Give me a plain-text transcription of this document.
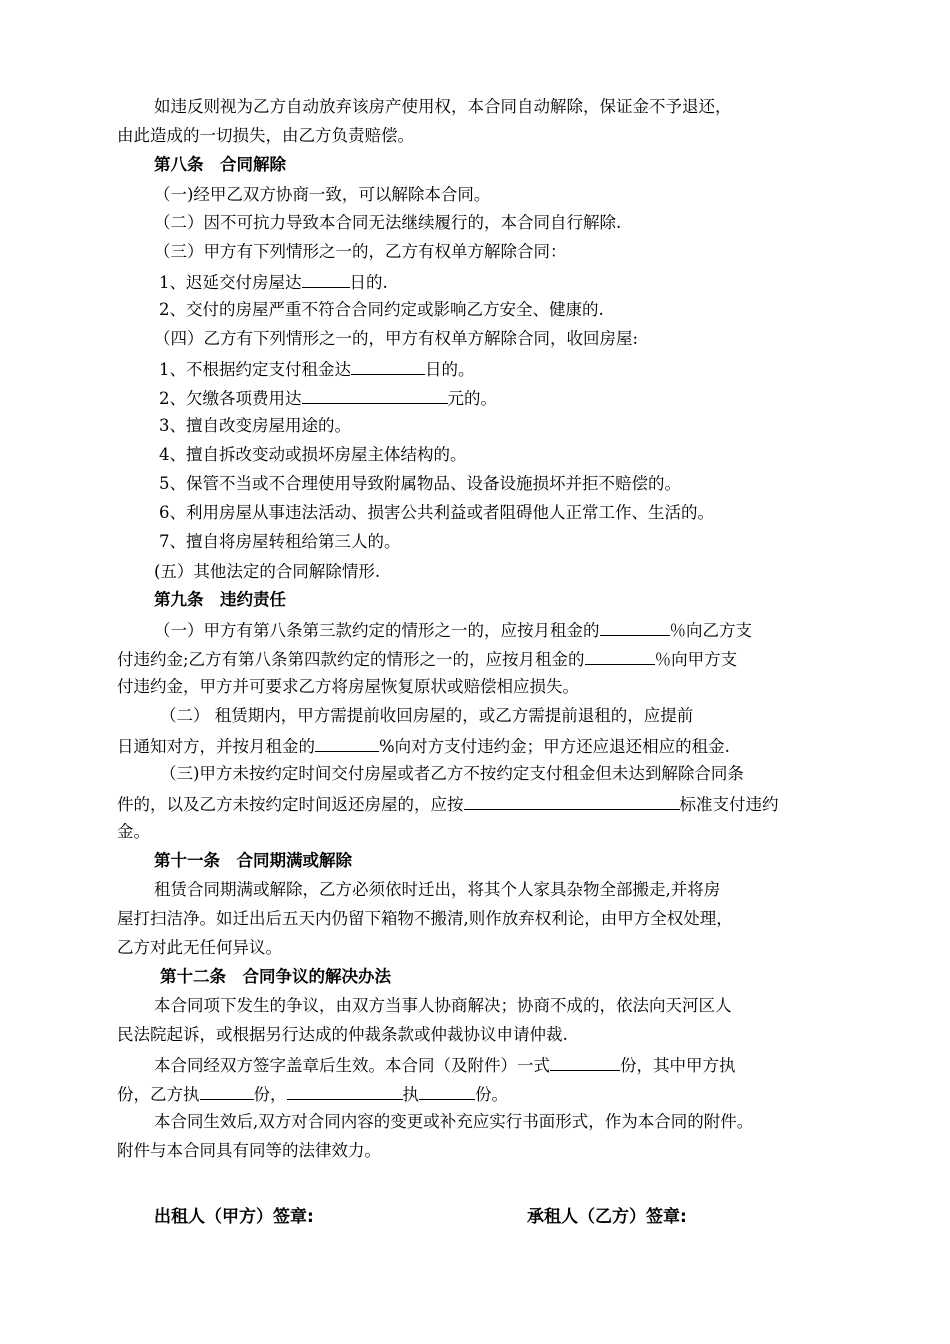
如违反则视为乙方自动放弃该房产使用权，本合同自动解除，保证金不予退还，
由此造成的一切损失，由乙方负责赔偿。
第八条　合同解除
（一)经甲乙双方协商一致，可以解除本合同。
（二）因不可抗力导致本合同无法继续履行的，本合同自行解除.
（三）甲方有下列情形之一的，乙方有权单方解除合同：
1、迟延交付房屋达	日的.
2、交付的房屋严重不符合合同约定或影响乙方安全、健康的.
（四）乙方有下列情形之一的，甲方有权单方解除合同，收回房屋:
1、不根据约定支付租金达	日的。
2、欠缴各项费用达	元的。
3、擅自改变房屋用途的。
4、擅自拆改变动或损坏房屋主体结构的。
5、保管不当或不合理使用导致附属物品、设备设施损坏并拒不赔偿的。
6、利用房屋从事违法活动、损害公共利益或者阻碍他人正常工作、生活的。
7、擅自将房屋转租给第三人的。
(五）其他法定的合同解除情形.
第九条　违约责任
（一）甲方有第八条第三款约定的情形之一的，应按月租金的	％向乙方支
付违约金;乙方有第八条第四款约定的情形之一的，应按月租金的	％向甲方支
付违约金，甲方并可要求乙方将房屋恢复原状或赔偿相应损失。
（二） 租赁期内，甲方需提前收回房屋的，或乙方需提前退租的，应提前
日通知对方，并按月租金的	%向对方支付违约金；甲方还应退还相应的租金.
（三)甲方未按约定时间交付房屋或者乙方不按约定支付租金但未达到解除合同条
件的，以及乙方未按约定时间返还房屋的，应按	标准支付违约
金。
第十一条　合同期满或解除
租赁合同期满或解除，乙方必须依时迁出，将其个人家具杂物全部搬走,并将房
屋打扫洁净。如迁出后五天内仍留下箱物不搬清,则作放弃权利论，由甲方全权处理，
乙方对此无任何异议。
第十二条　合同争议的解决办法
本合同项下发生的争议，由双方当事人协商解决；协商不成的，依法向天河区人
民法院起诉，或根据另行达成的仲裁条款或仲裁协议申请仲裁.
本合同经双方签字盖章后生效。本合同（及附件）一式	份，其中甲方执
份，乙方执	份，	执	份。
本合同生效后,双方对合同内容的变更或补充应实行书面形式，作为本合同的附件。
附件与本合同具有同等的法律效力。
出租人（甲方）签章:	承租人（乙方）签章:
